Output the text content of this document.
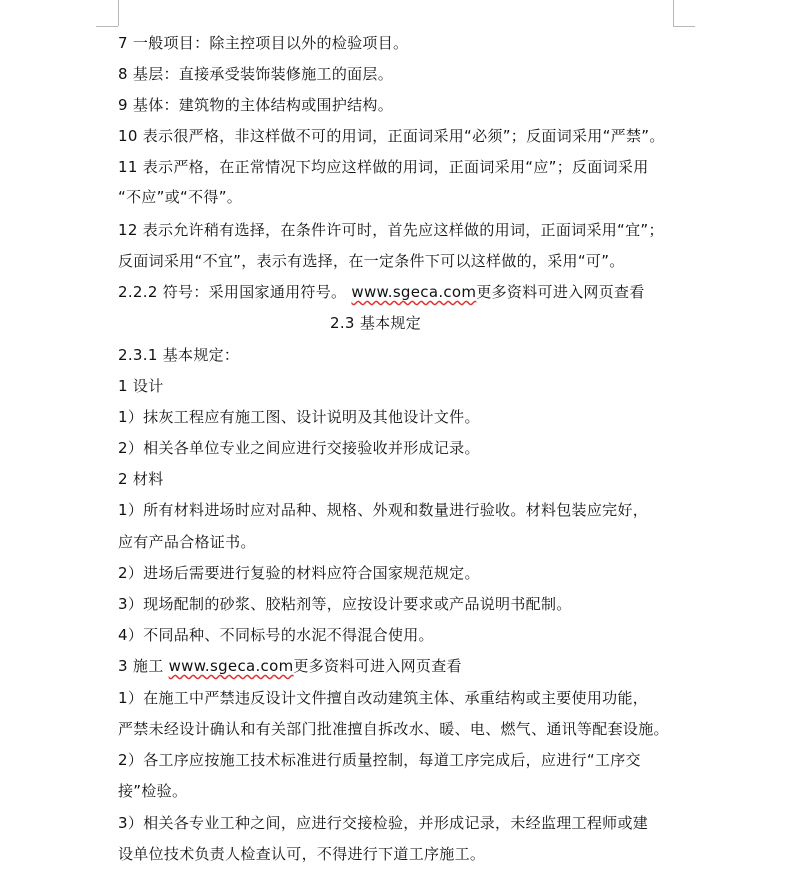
7 一般项目：除主控项目以外的检验项目。
8 基层：直接承受装饰装修施工的面层。
9 基体：建筑物的主体结构或围护结构。
10 表示很严格，非这样做不可的用词，正面词采用“必须”；反面词采用“严禁”。
11 表示严格，在正常情况下均应这样做的用词，正面词采用“应”；反面词采用
“不应”或“不得”。
12 表示允许稍有选择，在条件许可时，首先应这样做的用词，正面词采用“宜”；
反面词采用“不宜”，表示有选择，在一定条件下可以这样做的，采用“可”。
2.2.2 符号：采用国家通用符号。 www.sgeca.com更多资料可进入网页查看
2.3 基本规定
2.3.1 基本规定：
1 设计
1）抹灰工程应有施工图、设计说明及其他设计文件。
2）相关各单位专业之间应进行交接验收并形成记录。
2 材料
1）所有材料进场时应对品种、规格、外观和数量进行验收。材料包装应完好，
应有产品合格证书。
2）进场后需要进行复验的材料应符合国家规范规定。
3）现场配制的砂浆、胶粘剂等，应按设计要求或产品说明书配制。
4）不同品种、不同标号的水泥不得混合使用。
3 施工 www.sgeca.com更多资料可进入网页查看
1）在施工中严禁违反设计文件擅自改动建筑主体、承重结构或主要使用功能，
严禁未经设计确认和有关部门批准擅自拆改水、暖、电、燃气、通讯等配套设施。
2）各工序应按施工技术标准进行质量控制，每道工序完成后，应进行“工序交
接”检验。
3）相关各专业工种之间，应进行交接检验，并形成记录，未经监理工程师或建
设单位技术负责人检查认可，不得进行下道工序施工。
